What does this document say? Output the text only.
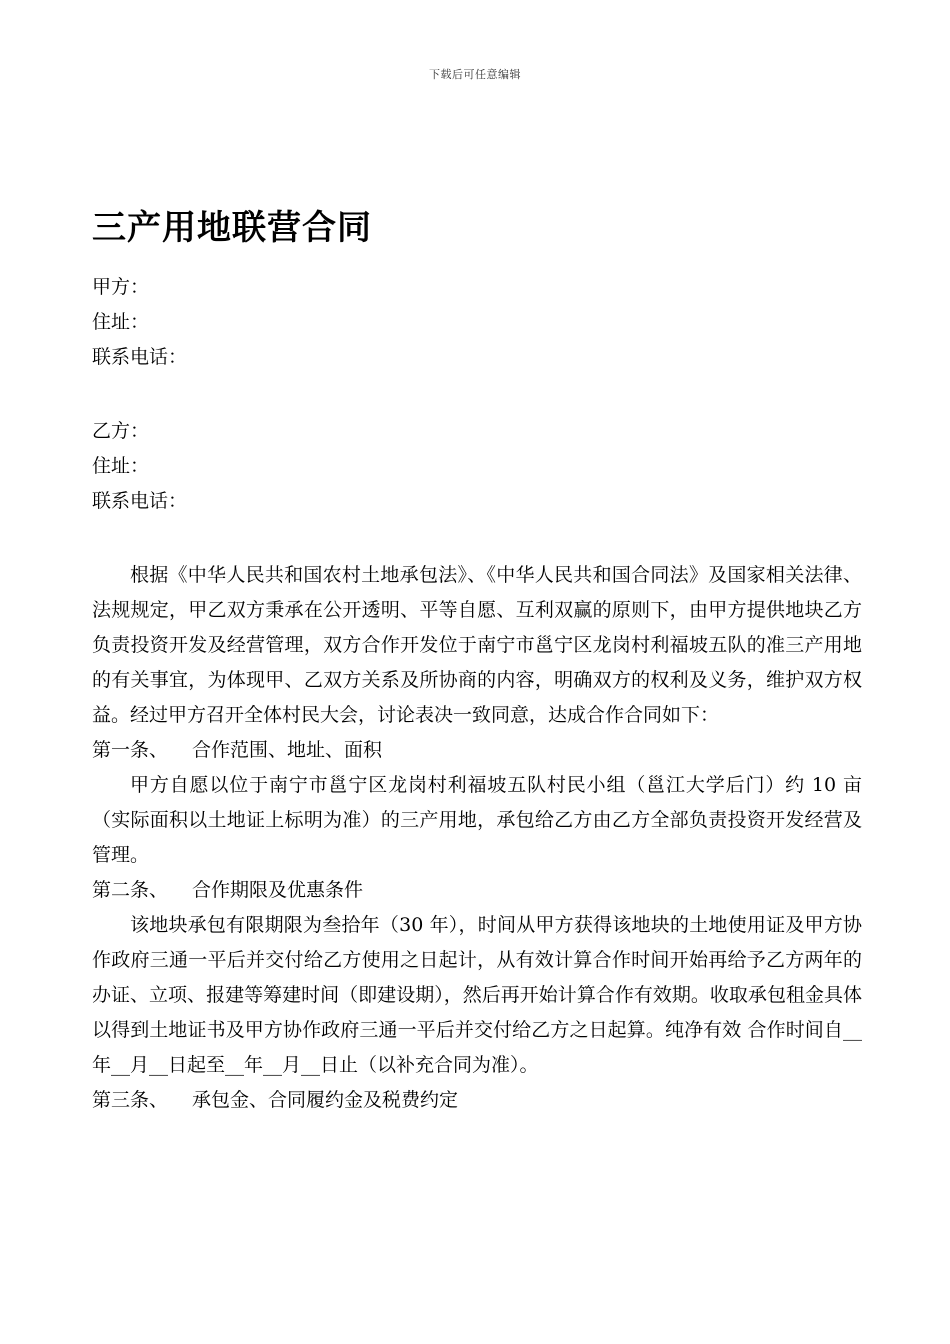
下载后可任意编辑
三产用地联营合同
甲方：
住址：
联系电话：
乙方：
住址：
联系电话：

根据《中华人民共和国农村土地承包法》、《中华人民共和国合同法》及国家相关法律、法规规定，甲乙双方秉承在公开透明、平等自愿、互利双赢的原则下，由甲方提供地块乙方负责投资开发及经营管理，双方合作开发位于南宁市邕宁区龙岗村利福坡五队的准三产用地的有关事宜，为体现甲、乙双方关系及所协商的内容，明确双方的权利及义务，维护双方权益。经过甲方召开全体村民大会，讨论表决一致同意，达成合作合同如下：

第一条、 合作范围、地址、面积

甲方自愿以位于南宁市邕宁区龙岗村利福坡五队村民小组（邕江大学后门）约 10 亩（实际面积以土地证上标明为准）的三产用地，承包给乙方由乙方全部负责投资开发经营及管理。

第二条、 合作期限及优惠条件

该地块承包有限期限为叁拾年（30 年），时间从甲方获得该地块的土地使用证及甲方协作政府三通一平后并交付给乙方使用之日起计，从有效计算合作时间开始再给予乙方两年的办证、立项、报建等筹建时间（即建设期），然后再开始计算合作有效期。收取承包租金具体以得到土地证书及甲方协作政府三通一平后并交付给乙方之日起算。纯净有效 合作时间自__年__月__日起至__年__月__日止（以补充合同为准）。

第三条、 承包金、合同履约金及税费约定
